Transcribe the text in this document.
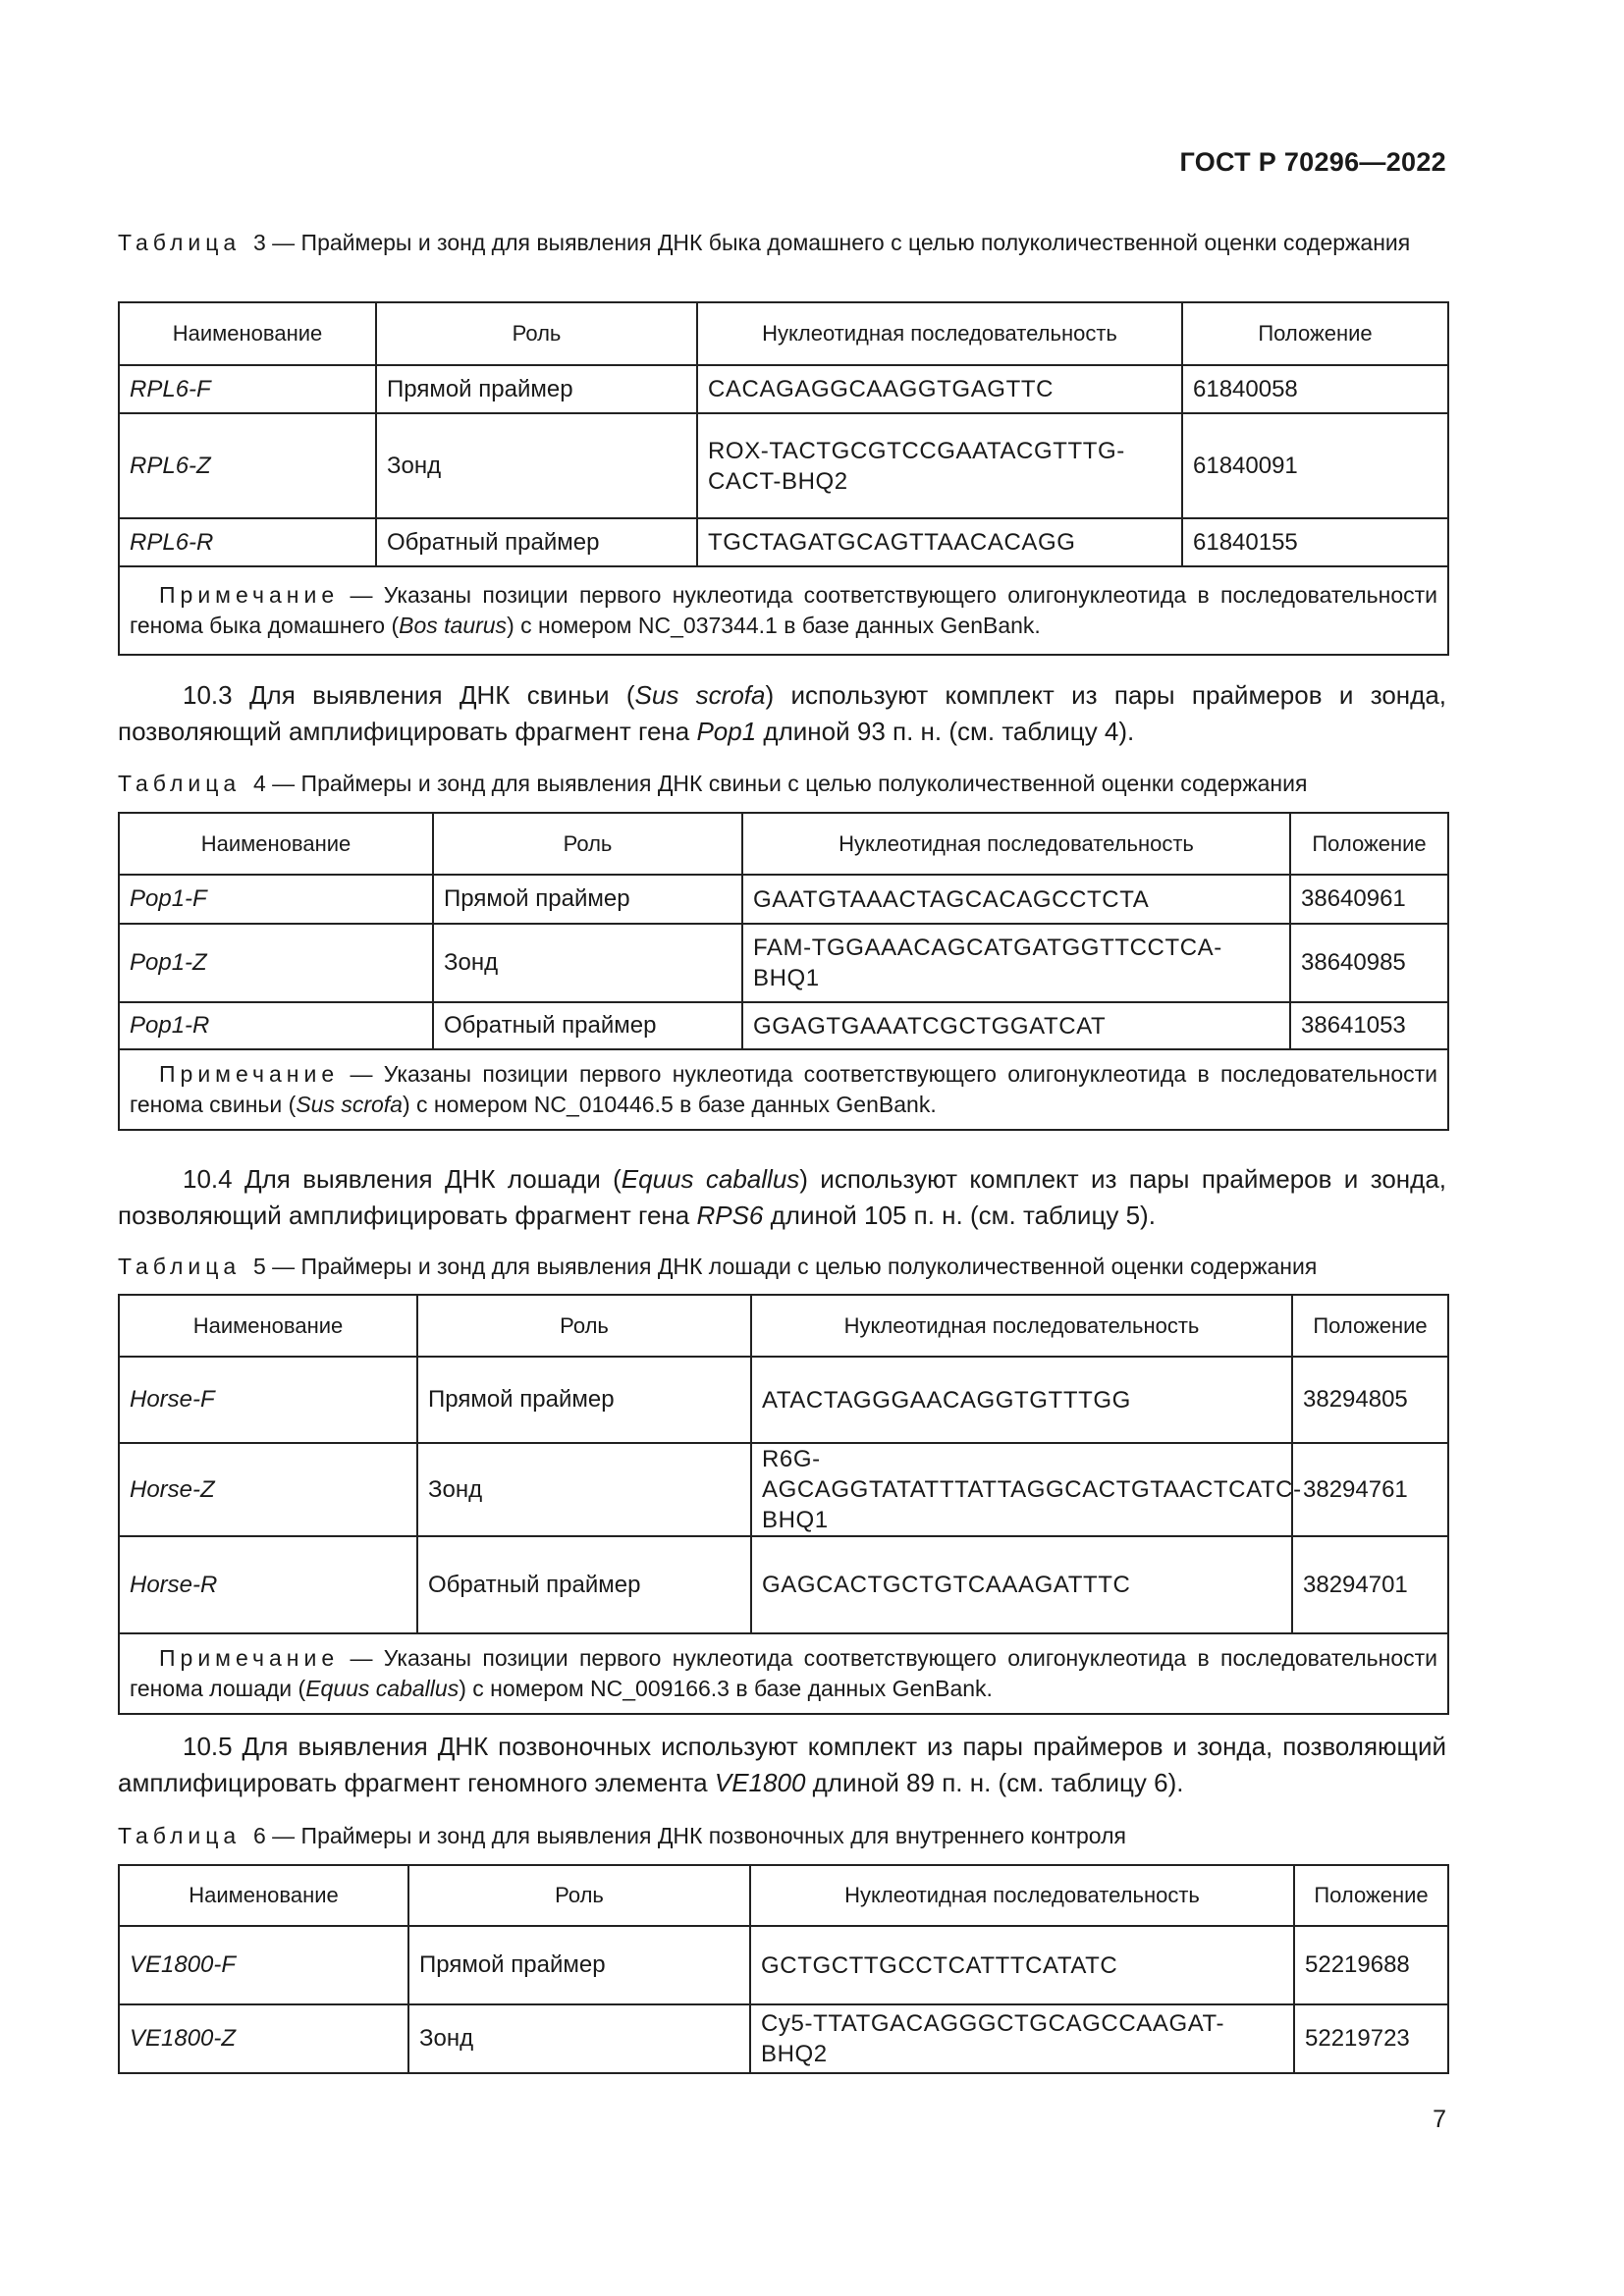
ГОСТ Р 70296—2022
Таблица 3 — Праймеры и зонд для выявления ДНК быка домашнего с целью полуколичественной оценки содержания
Наименование	Роль	Нуклеотидная последовательность	Положение
RPL6-F	Прямой праймер	CACAGAGGCAAGGTGAGTTC	61840058
RPL6-Z	Зонд	ROX-TACTGCGTCCGAATACGTTTG-CACT-BHQ2	61840091
RPL6-R	Обратный праймер	TGCTAGATGCAGTTAACACAGG	61840155
Примечание — Указаны позиции первого нуклеотида соответствующего олигонуклеотида в последовательности генома быка домашнего (Bos taurus) с номером NC_037344.1 в базе данных GenBank.			
10.3 Для выявления ДНК свиньи (Sus scrofa) используют комплект из пары праймеров и зонда, позволяющий амплифицировать фрагмент гена Pop1 длиной 93 п. н. (см. таблицу 4).
Таблица 4 — Праймеры и зонд для выявления ДНК свиньи с целью полуколичественной оценки содержания
Наименование	Роль	Нуклеотидная последовательность	Положение
Pop1-F	Прямой праймер	GAATGTAAACTAGCACAGCCTCTA	38640961
Pop1-Z	Зонд	FAM-TGGAAACAGCATGATGGTTCCTCA-BHQ1	38640985
Pop1-R	Обратный праймер	GGAGTGAAATCGCTGGATCAT	38641053
Примечание — Указаны позиции первого нуклеотида соответствующего олигонуклеотида в последовательности генома свиньи (Sus scrofa) с номером NC_010446.5 в базе данных GenBank.			
10.4 Для выявления ДНК лошади (Equus caballus) используют комплект из пары праймеров и зонда, позволяющий амплифицировать фрагмент гена RPS6 длиной 105 п. н. (см. таблицу 5).
Таблица 5 — Праймеры и зонд для выявления ДНК лошади с целью полуколичественной оценки содержания
Наименование	Роль	Нуклеотидная последовательность	Положение
Horse-F	Прямой праймер	ATACTAGGGAACAGGTGTTTGG	38294805
Horse-Z	Зонд	R6G-AGCAGGTATATTTATTAGGCACTGTAACTCATC-BHQ1	38294761
Horse-R	Обратный праймер	GAGCACTGCTGTCAAAGATTTC	38294701
Примечание — Указаны позиции первого нуклеотида соответствующего олигонуклеотида в последовательности генома лошади (Equus caballus) с номером NC_009166.3 в базе данных GenBank.			
10.5 Для выявления ДНК позвоночных используют комплект из пары праймеров и зонда, позволяющий амплифицировать фрагмент геномного элемента VE1800 длиной 89 п. н. (см. таблицу 6).
Таблица 6 — Праймеры и зонд для выявления ДНК позвоночных для внутреннего контроля
Наименование	Роль	Нуклеотидная последовательность	Положение
VE1800-F	Прямой праймер	GCTGCTTGCCTCATTTCATATC	52219688
VE1800-Z	Зонд	Cy5-TTATGACAGGGCTGCAGCCAAGAT-BHQ2	52219723
7
